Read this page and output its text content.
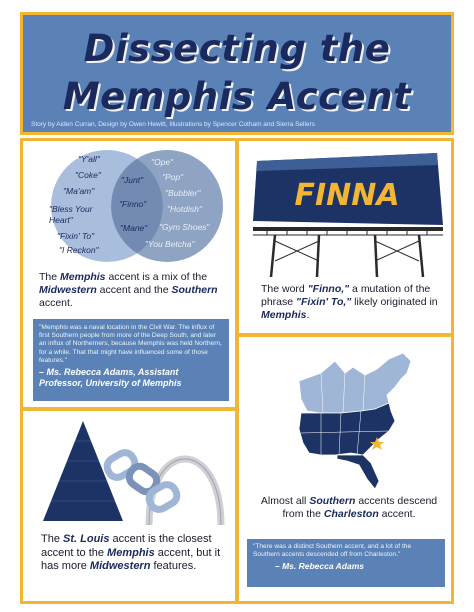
Dissecting the
Memphis Accent
Story by Aiden Curran, Design by Owen Hewitt, Illustrations by Spencer Cotham and Sierra Sellers
"Y'all"
"Coke"
"Ma'am"
"Bless Your
Heart"
"Fixin' To"
"I Reckon"
"Junt"
"Finno"
"Mane"
"Ope"
"Pop"
"Bubbler"
"Hotdish"
"Gym Shoes"
"You Betcha"
The Memphis accent is a mix of the Midwestern accent and the Southern accent.
"Memphis was a naval location in the Civil War. The influx of first Southern people from more of the Deep South, and later an influx of Northerners, because Memphis was held Northern, for a while. That that might have influenced some of those features."
– Ms. Rebecca Adams, Assistant Professor, University of Memphis
FINNA
The word "Finno," a mutation of the phrase "Fixin' To," likely originated in Memphis.
The St. Louis accent is the closest accent to the Memphis accent, but it has more Midwestern features.
Almost all Southern accents descend from the Charleston accent.
"There was a distinct Southern accent, and a lot of the Southern accents descended off from Charleston."
– Ms. Rebecca Adams
